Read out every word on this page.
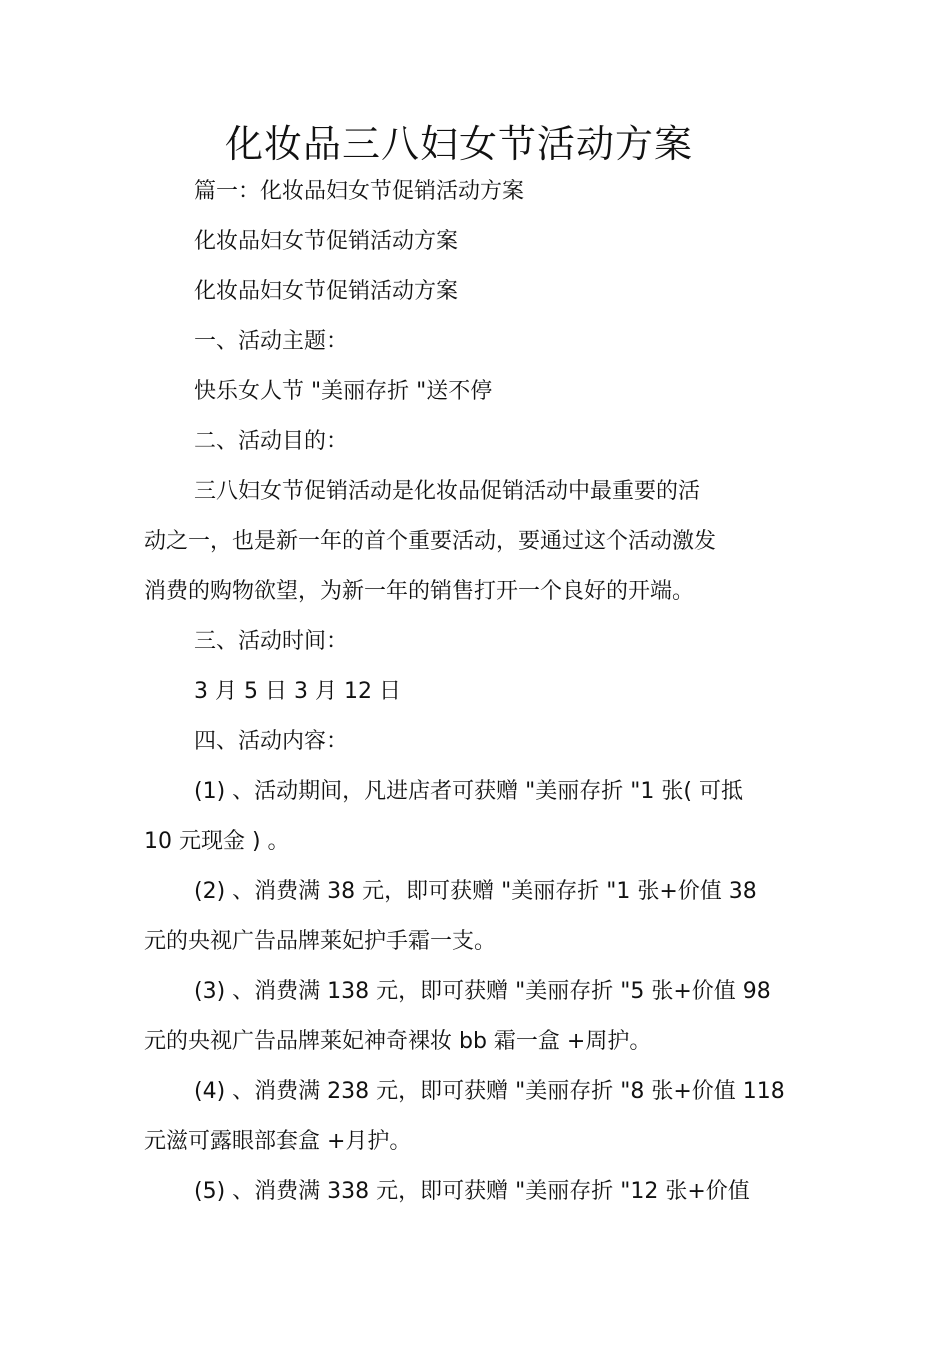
化妆品三八妇女节活动方案
篇一：化妆品妇女节促销活动方案
化妆品妇女节促销活动方案
化妆品妇女节促销活动方案
一、活动主题：
快乐女人节 "美丽存折 "送不停
二、活动目的：
三八妇女节促销活动是化妆品促销活动中最重要的活
动之一，也是新一年的首个重要活动，要通过这个活动激发
消费的购物欲望，为新一年的销售打开一个良好的开端。
三、活动时间：
3 月 5 日 3 月 12 日
四、活动内容：
(1) 、活动期间，凡进店者可获赠 "美丽存折 "1 张( 可抵
10 元现金 ) 。
(2) 、消费满 38 元，即可获赠 "美丽存折 "1 张+价值 38
元的央视广告品牌莱妃护手霜一支。
(3) 、消费满 138 元，即可获赠 "美丽存折 "5 张+价值 98
元的央视广告品牌莱妃神奇裸妆 bb 霜一盒 +周护。
(4) 、消费满 238 元，即可获赠 "美丽存折 "8 张+价值 118
元滋可露眼部套盒 +月护。
(5) 、消费满 338 元，即可获赠 "美丽存折 "12 张+价值
